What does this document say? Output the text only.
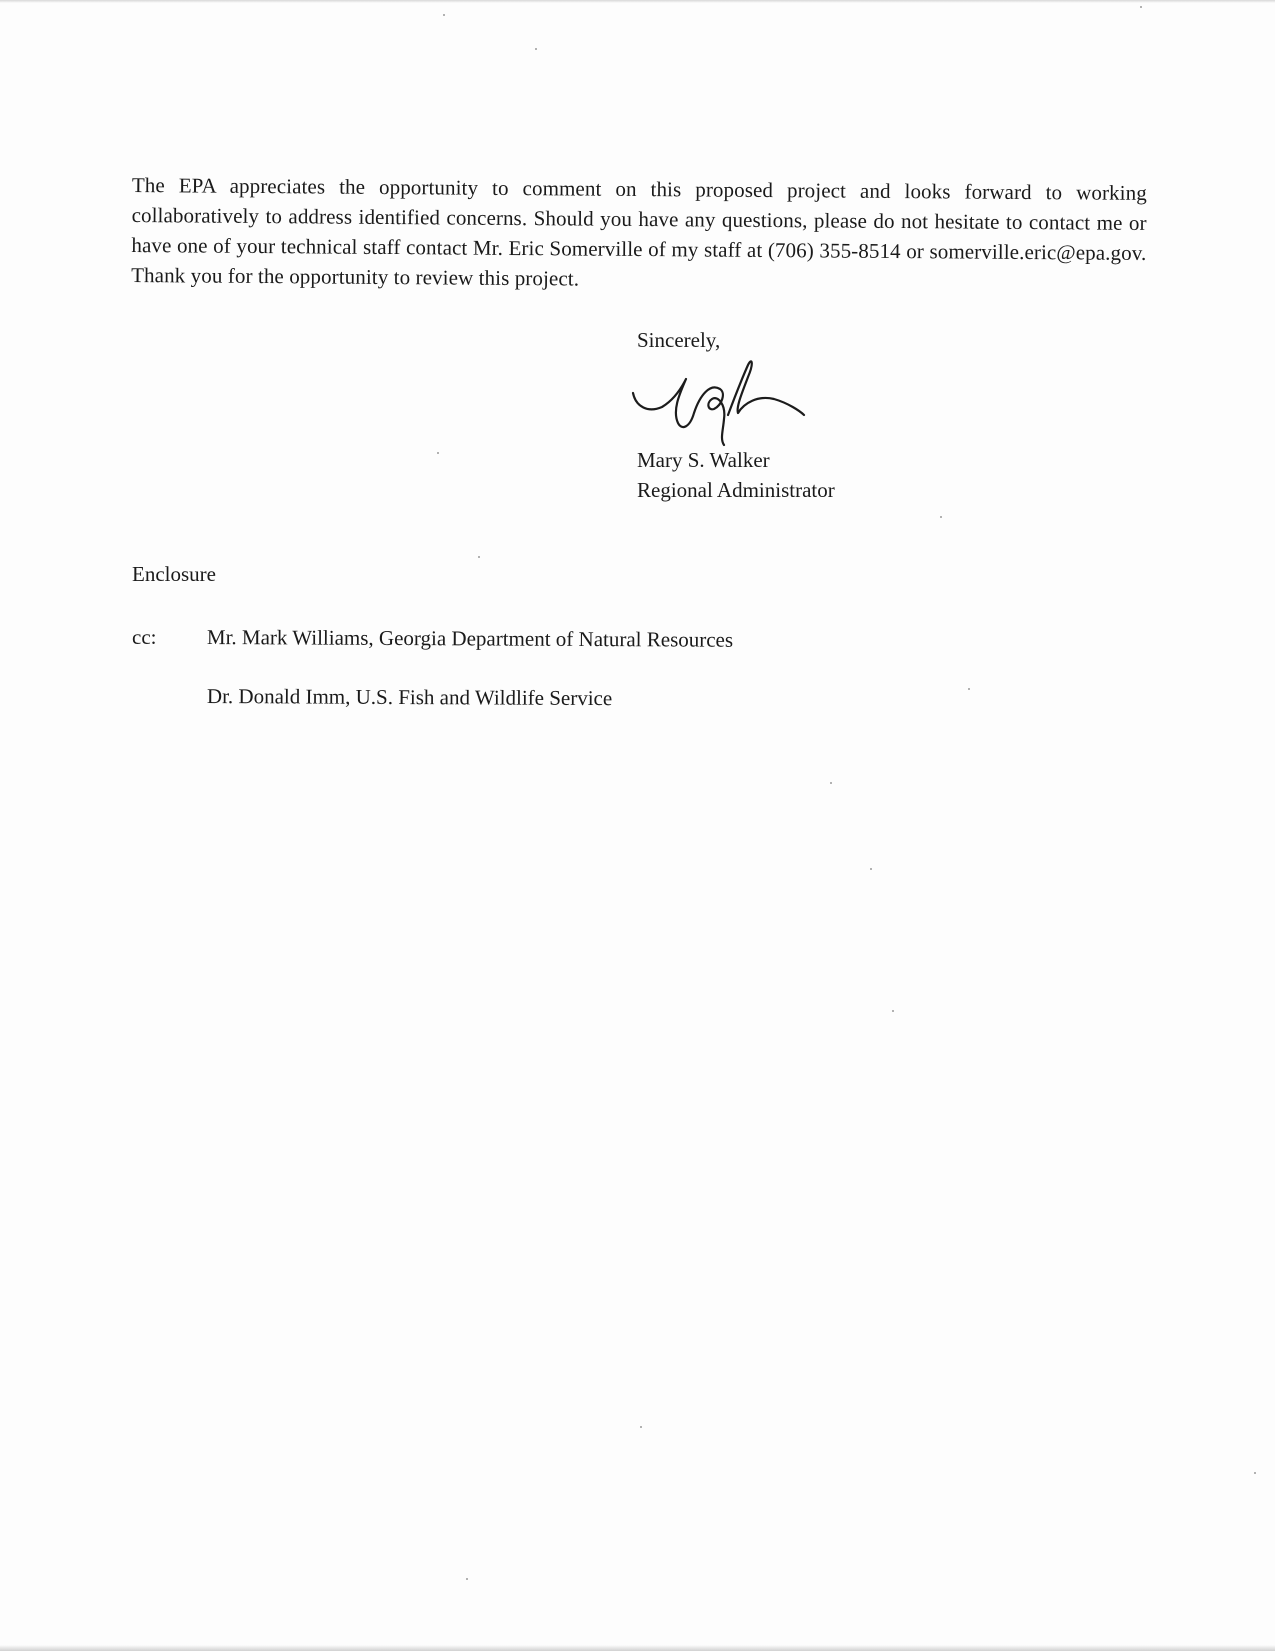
The EPA appreciates the opportunity to comment on this proposed project and looks forward to working collaboratively to address identified concerns. Should you have any questions, please do not hesitate to contact me or have one of your technical staff contact Mr. Eric Somerville of my staff at (706) 355-8514 or somerville.eric@epa.gov. Thank you for the opportunity to review this project.
Sincerely,
Mary S. Walker
Regional Administrator
Enclosure
cc: Mr. Mark Williams, Georgia Department of Natural Resources
Dr. Donald Imm, U.S. Fish and Wildlife Service
